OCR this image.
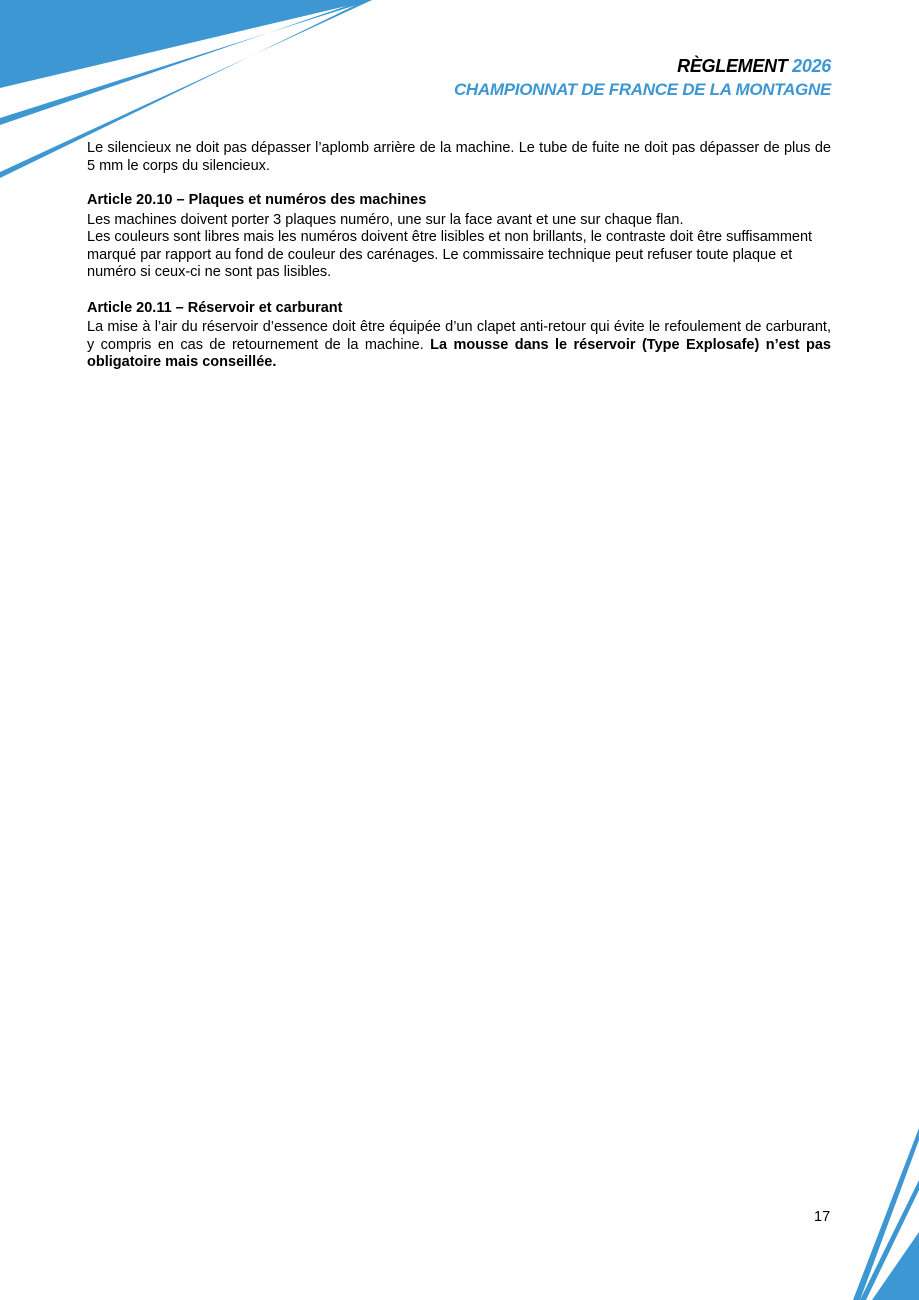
RÈGLEMENT 2026
CHAMPIONNAT DE FRANCE DE LA MONTAGNE

Le silencieux ne doit pas dépasser l’aplomb arrière de la machine. Le tube de fuite ne doit pas dépasser de plus de 5 mm le corps du silencieux.

Article 20.10 – Plaques et numéros des machines

Les machines doivent porter 3 plaques numéro, une sur la face avant et une sur chaque flan.

Les couleurs sont libres mais les numéros doivent être lisibles et non brillants, le contraste doit être suffisamment marqué par rapport au fond de couleur des carénages. Le commissaire technique peut refuser toute plaque et numéro si ceux-ci ne sont pas lisibles.

Article 20.11 – Réservoir et carburant

La mise à l’air du réservoir d’essence doit être équipée d’un clapet anti-retour qui évite le refoulement de carburant, y compris en cas de retournement de la machine. La mousse dans le réservoir (Type Explosafe) n’est pas obligatoire mais conseillée.

17
